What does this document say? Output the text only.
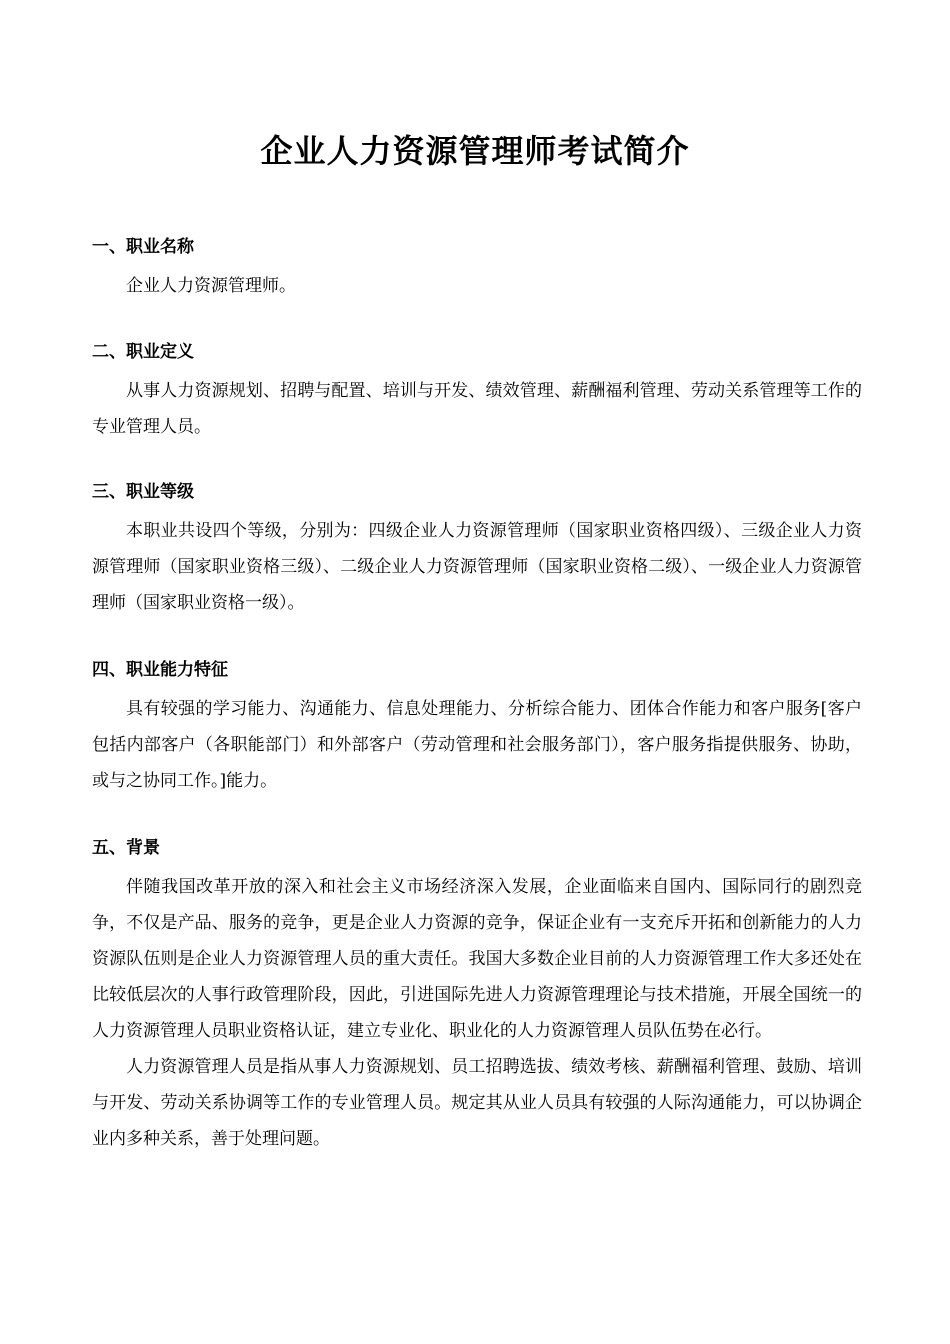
企业人力资源管理师考试简介
一、职业名称

企业人力资源管理师。

二、职业定义

从事人力资源规划、招聘与配置、培训与开发、绩效管理、薪酬福利管理、劳动关系管理等工作的专业管理人员。

三、职业等级

本职业共设四个等级，分别为：四级企业人力资源管理师（国家职业资格四级）、三级企业人力资源管理师（国家职业资格三级）、二级企业人力资源管理师（国家职业资格二级）、一级企业人力资源管理师（国家职业资格一级）。

四、职业能力特征

具有较强的学习能力、沟通能力、信息处理能力、分析综合能力、团体合作能力和客户服务[客户包括内部客户（各职能部门）和外部客户（劳动管理和社会服务部门），客户服务指提供服务、协助，或与之协同工作。]能力。

五、背景

伴随我国改革开放的深入和社会主义市场经济深入发展，企业面临来自国内、国际同行的剧烈竞争，不仅是产品、服务的竞争，更是企业人力资源的竞争，保证企业有一支充斥开拓和创新能力的人力资源队伍则是企业人力资源管理人员的重大责任。我国大多数企业目前的人力资源管理工作大多还处在比较低层次的人事行政管理阶段，因此，引进国际先进人力资源管理理论与技术措施，开展全国统一的人力资源管理人员职业资格认证，建立专业化、职业化的人力资源管理人员队伍势在必行。

人力资源管理人员是指从事人力资源规划、员工招聘选拔、绩效考核、薪酬福利管理、鼓励、培训与开发、劳动关系协调等工作的专业管理人员。规定其从业人员具有较强的人际沟通能力，可以协调企业内多种关系，善于处理问题。
